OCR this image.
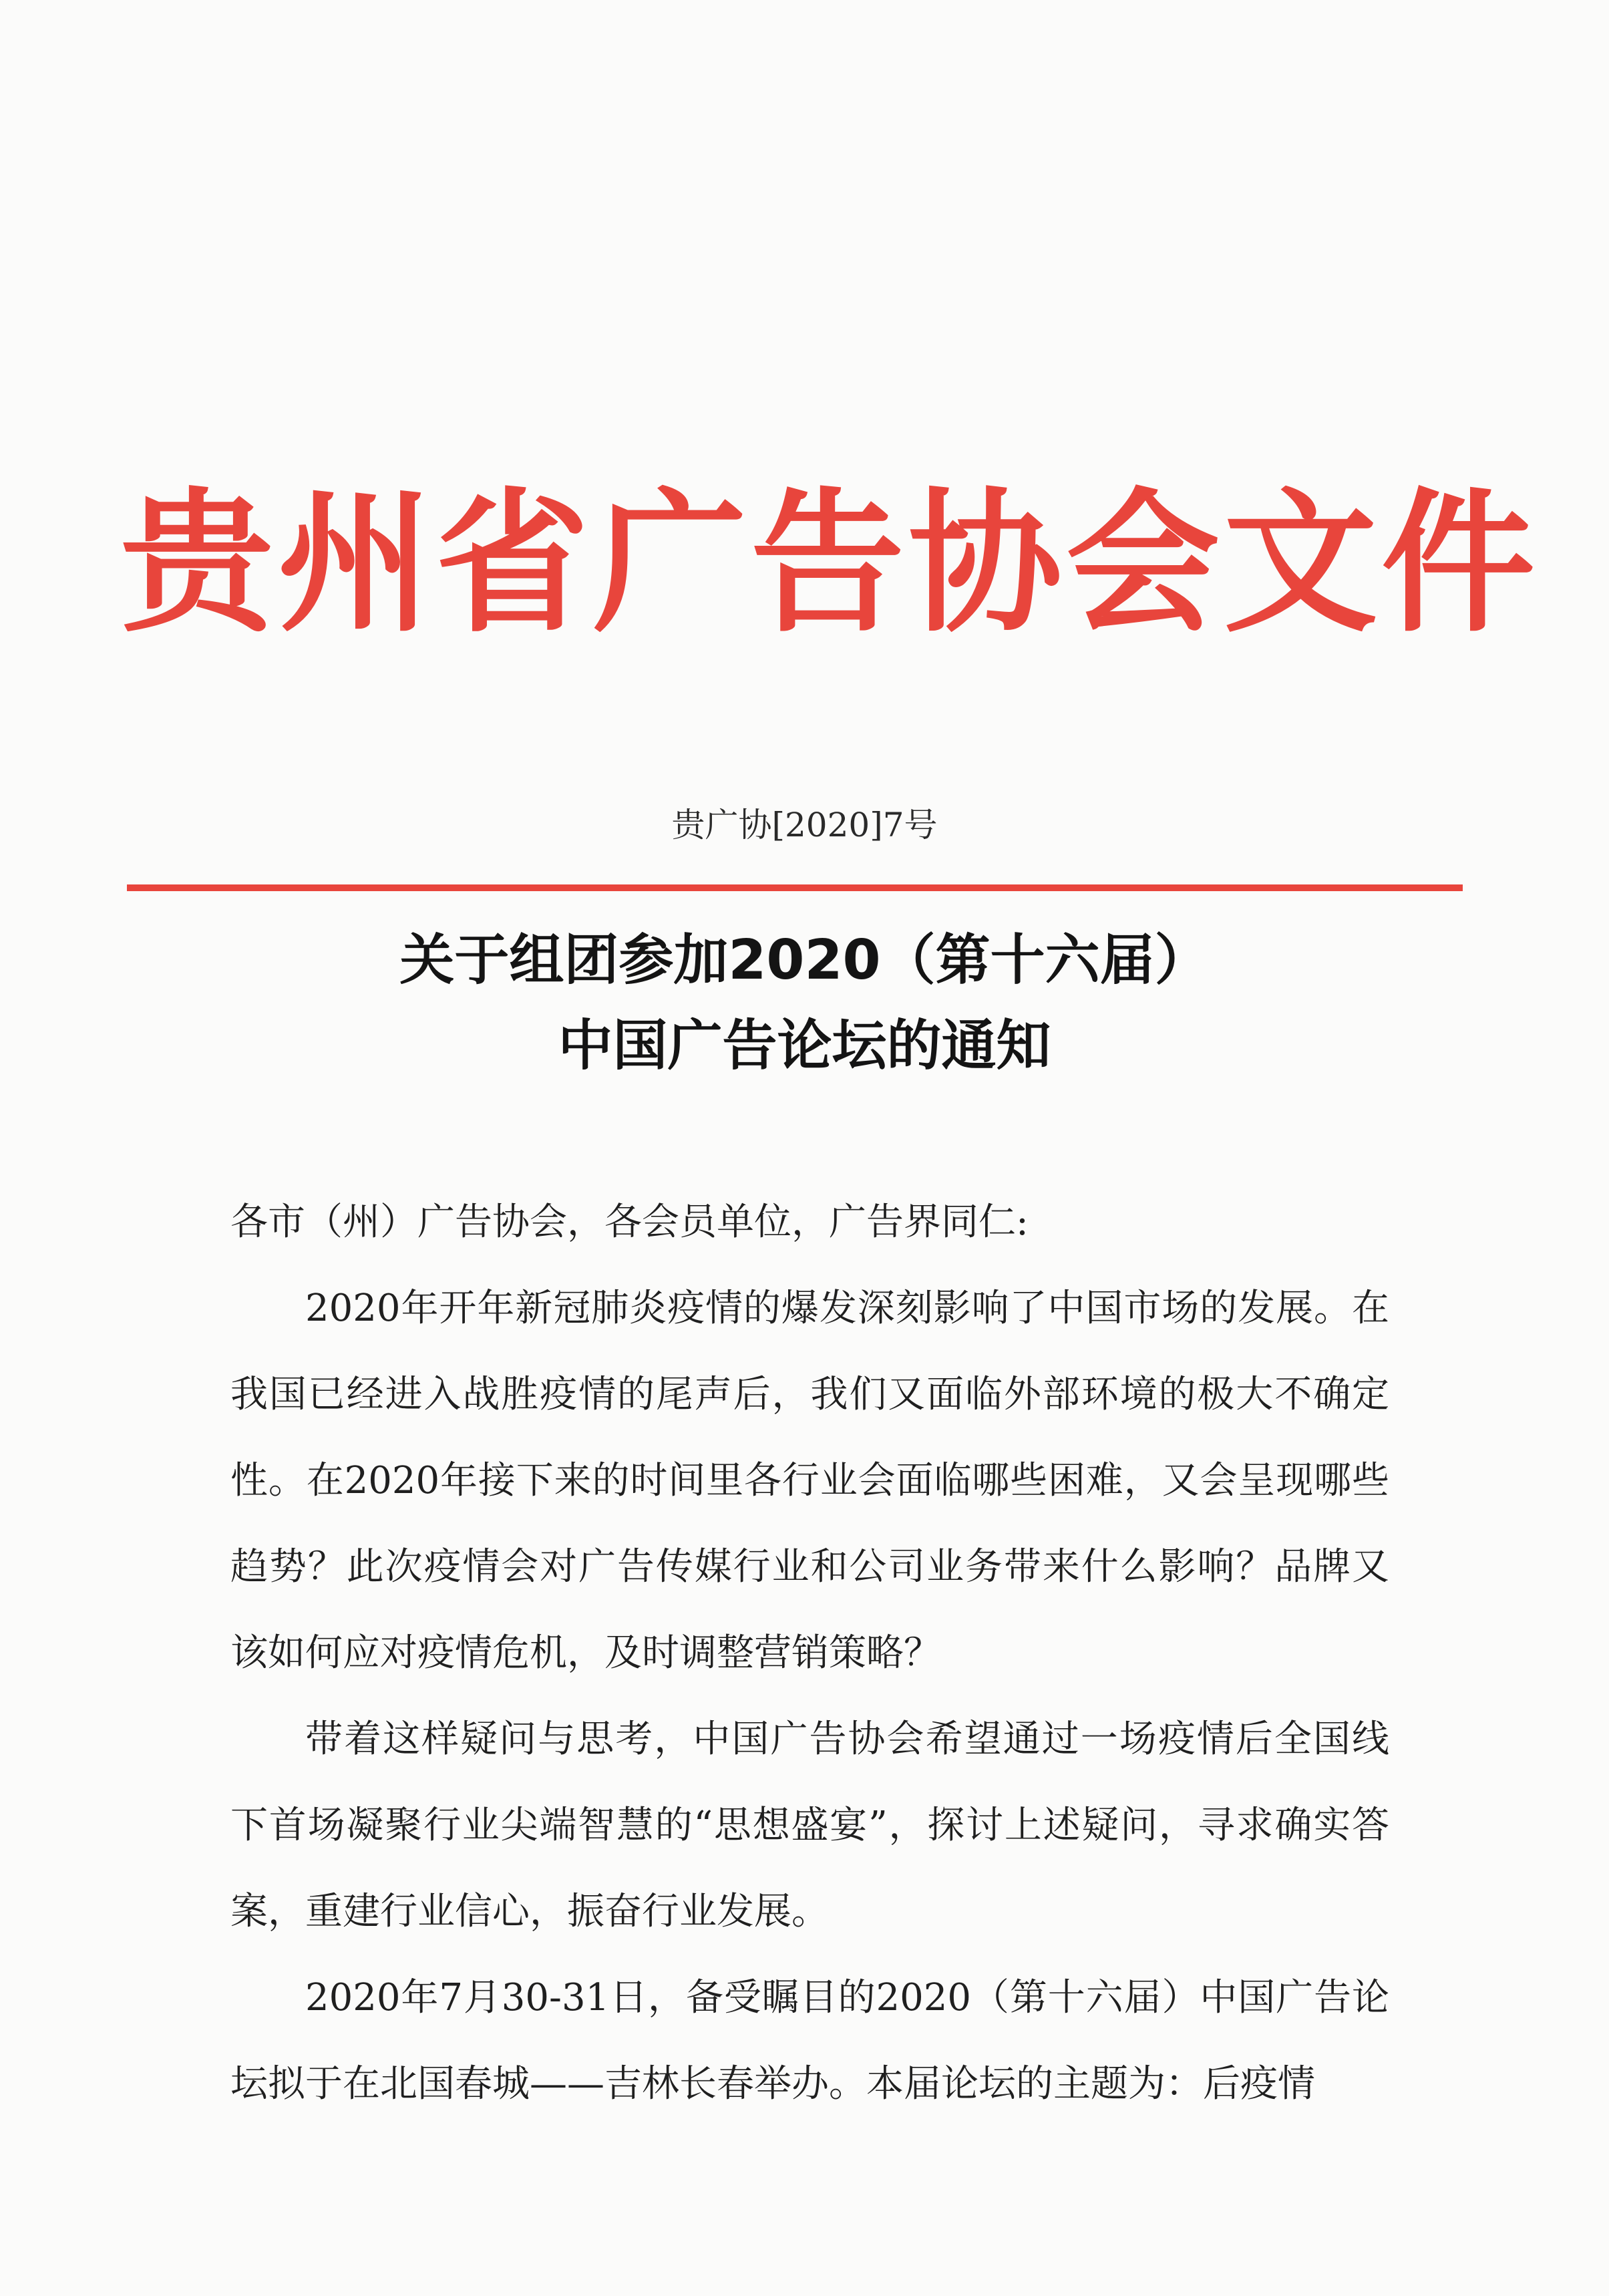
贵州省广告协会文件
贵广协[2020]7号
关于组团参加2020（第十六届）
中国广告论坛的通知

各市（州）广告协会，各会员单位，广告界同仁:

2020年开年新冠肺炎疫情的爆发深刻影响了中国市场的发展。在我国已经进入战胜疫情的尾声后，我们又面临外部环境的极大不确定性。在2020年接下来的时间里各行业会面临哪些困难，又会呈现哪些趋势？此次疫情会对广告传媒行业和公司业务带来什么影响？品牌又该如何应对疫情危机，及时调整营销策略？

带着这样疑问与思考，中国广告协会希望通过一场疫情后全国线下首场凝聚行业尖端智慧的“思想盛宴”，探讨上述疑问，寻求确实答案，重建行业信心，振奋行业发展。

2020年7月30-31日，备受瞩目的2020（第十六届）中国广告论坛拟于在北国春城——吉林长春举办。本届论坛的主题为：后疫情
